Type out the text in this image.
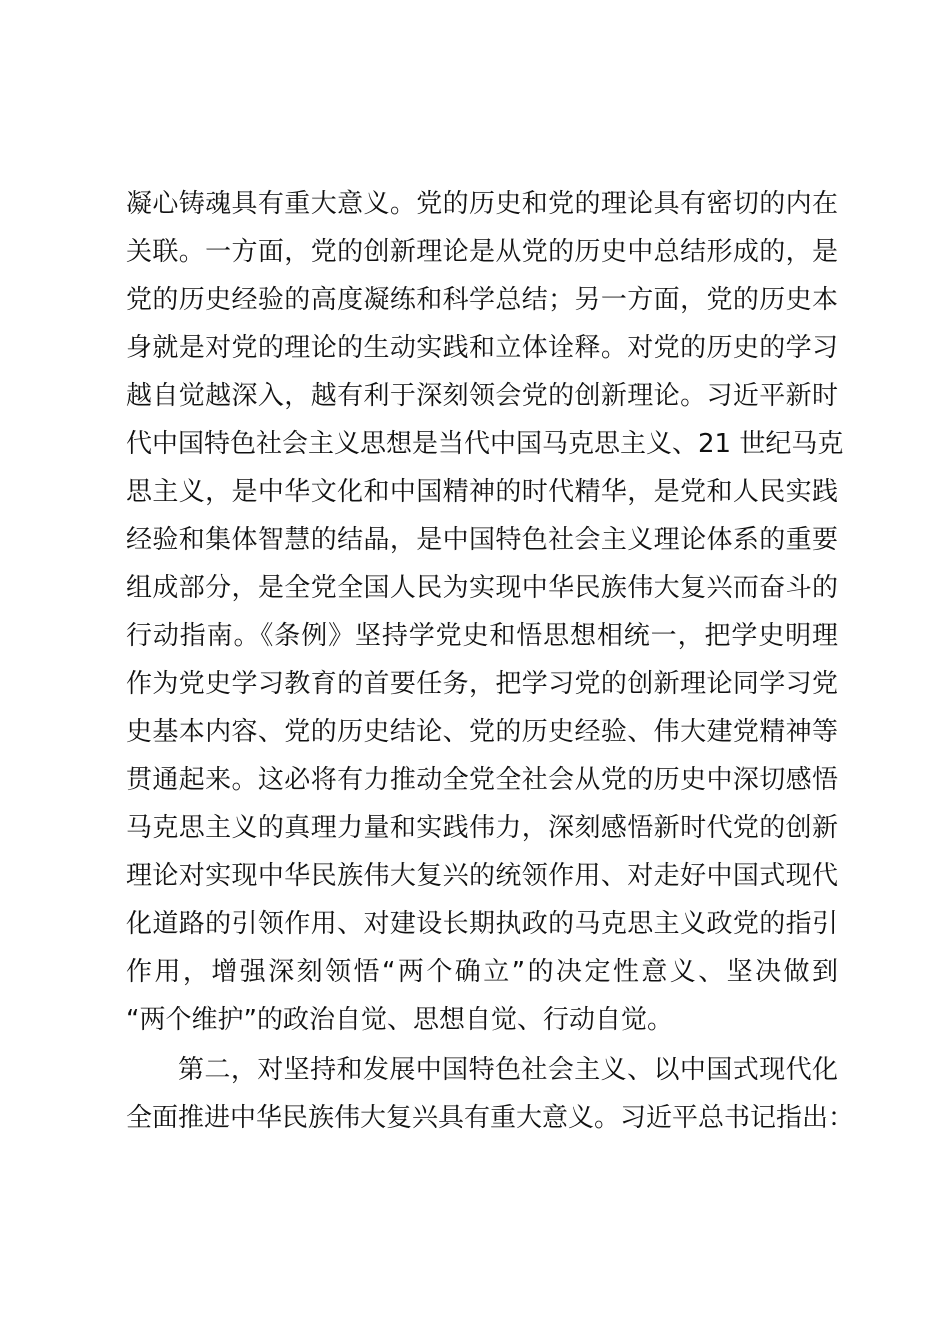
凝心铸魂具有重大意义。党的历史和党的理论具有密切的内在
关联。一方面，党的创新理论是从党的历史中总结形成的，是
党的历史经验的高度凝练和科学总结；另一方面，党的历史本
身就是对党的理论的生动实践和立体诠释。对党的历史的学习
越自觉越深入，越有利于深刻领会党的创新理论。习近平新时
代中国特色社会主义思想是当代中国马克思主义、21 世纪马克
思主义，是中华文化和中国精神的时代精华，是党和人民实践
经验和集体智慧的结晶，是中国特色社会主义理论体系的重要
组成部分，是全党全国人民为实现中华民族伟大复兴而奋斗的
行动指南。《条例》坚持学党史和悟思想相统一，把学史明理
作为党史学习教育的首要任务，把学习党的创新理论同学习党
史基本内容、党的历史结论、党的历史经验、伟大建党精神等
贯通起来。这必将有力推动全党全社会从党的历史中深切感悟
马克思主义的真理力量和实践伟力，深刻感悟新时代党的创新
理论对实现中华民族伟大复兴的统领作用、对走好中国式现代
化道路的引领作用、对建设长期执政的马克思主义政党的指引
作用，增强深刻领悟“两个确立”的决定性意义、坚决做到
“两个维护”的政治自觉、思想自觉、行动自觉。
第二，对坚持和发展中国特色社会主义、以中国式现代化
全面推进中华民族伟大复兴具有重大意义。习近平总书记指出：
